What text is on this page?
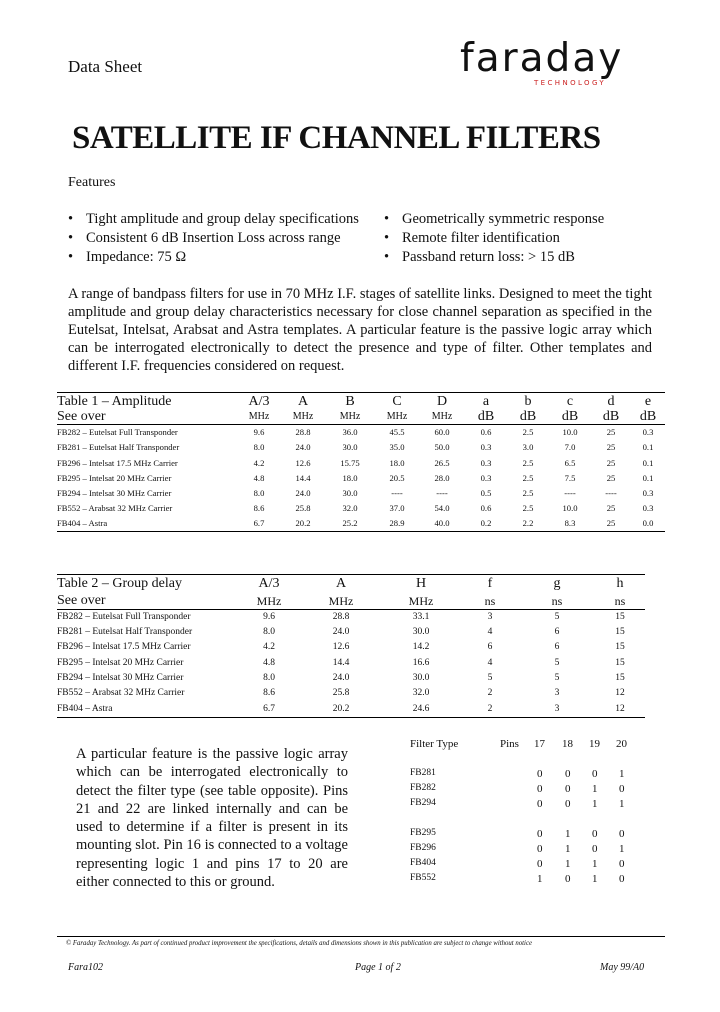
Data Sheet	faraday
TECHNOLOGY
SATELLITE IF CHANNEL FILTERS
Features
• Tight amplitude and group delay specifications
• Consistent 6 dB Insertion Loss across range
• Impedance: 75 Ω
• Geometrically symmetric response
• Remote filter identification
• Passband return loss: > 15 dB
A range of bandpass filters for use in 70 MHz I.F. stages of satellite links. Designed to meet the tight amplitude and group delay characteristics necessary for close channel separation as specified in the Eutelsat, Intelsat, Arabsat and Astra templates. A particular feature is the passive logic array which can be interrogated electronically to detect the presence and type of filter. Other templates and different I.F. frequencies considered on request.
Table 1 – Amplitude	A/3	A	B	C	D	a	b	c	d	e
See over	MHz	MHz	MHz	MHz	MHz	dB	dB	dB	dB	dB
FB282 – Eutelsat Full Transponder	9.6	28.8	36.0	45.5	60.0	0.6	2.5	10.0	25	0.3
FB281 – Eutelsat Half Transponder	8.0	24.0	30.0	35.0	50.0	0.3	3.0	7.0	25	0.1
FB296 – Intelsat 17.5 MHz Carrier	4.2	12.6	15.75	18.0	26.5	0.3	2.5	6.5	25	0.1
FB295 – Intelsat 20 MHz Carrier	4.8	14.4	18.0	20.5	28.0	0.3	2.5	7.5	25	0.1
FB294 – Intelsat 30 MHz Carrier	8.0	24.0	30.0	----	----	0.5	2.5	----	----	0.3
FB552 – Arabsat 32 MHz Carrier	8.6	25.8	32.0	37.0	54.0	0.6	2.5	10.0	25	0.3
FB404 – Astra	6.7	20.2	25.2	28.9	40.0	0.2	2.2	8.3	25	0.0
Table 2 – Group delay	A/3	A	H	f	g	h
See over	MHz	MHz	MHz	ns	ns	ns
FB282 – Eutelsat Full Transponder	9.6	28.8	33.1	3	5	15
FB281 – Eutelsat Half Transponder	8.0	24.0	30.0	4	6	15
FB296 – Intelsat 17.5 MHz Carrier	4.2	12.6	14.2	6	6	15
FB295 – Intelsat 20 MHz Carrier	4.8	14.4	16.6	4	5	15
FB294 – Intelsat 30 MHz Carrier	8.0	24.0	30.0	5	5	15
FB552 – Arabsat 32 MHz Carrier	8.6	25.8	32.0	2	3	12
FB404 – Astra	6.7	20.2	24.6	2	3	12
A particular feature is the passive logic array which can be interrogated electronically to detect the filter type (see table opposite). Pins 21 and 22 are linked internally and can be used to determine if a filter is present in its mounting slot. Pin 16 is connected to a voltage representing logic 1 and pins 17 to 20 are either connected to this or ground.
Filter Type	Pins 17 18 19 20
FB281	0 0 0 1
FB282	0 0 1 0
FB294	0 0 1 1
FB295	0 1 0 0
FB296	0 1 0 1
FB404	0 1 1 0
FB552	1 0 1 0
© Faraday Technology. As part of continued product improvement the specifications, details and dimensions shown in this publication are subject to change without notice
Fara102	Page 1 of 2	May 99/A0
